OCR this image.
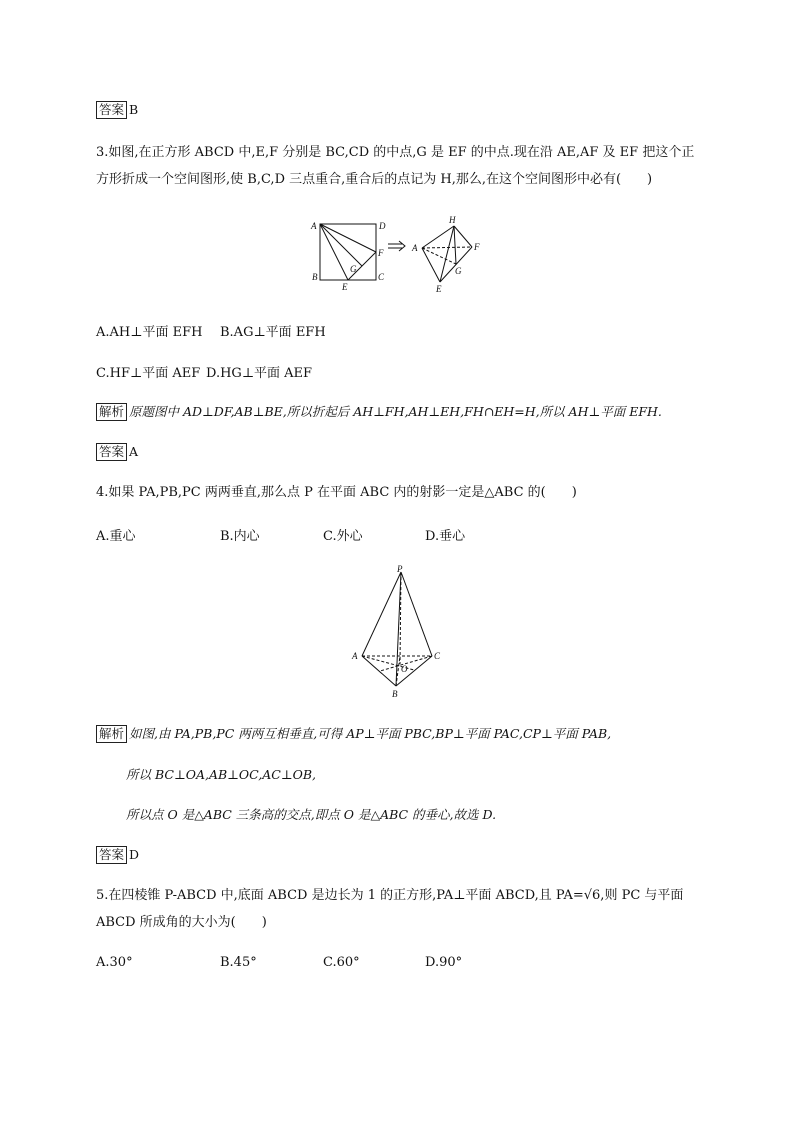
答案 B
3.如图,在正方形 ABCD 中,E,F 分别是 BC,CD 的中点,G 是 EF 的中点.现在沿 AE,AF 及 EF 把这个正
方形折成一个空间图形,使 B,C,D 三点重合,重合后的点记为 H,那么,在这个空间图形中必有(　　)
A	D
B	C
E
F
G
H
A
E
F
G
A.AH⊥平面 EFH B.AG⊥平面 EFH
C.HF⊥平面 AEF D.HG⊥平面 AEF
解析 原题图中 AD⊥DF,AB⊥BE,所以折起后 AH⊥FH,AH⊥EH,FH∩EH=H,所以 AH⊥平面 EFH.
答案 A
4.如果 PA,PB,PC 两两垂直,那么点 P 在平面 ABC 内的射影一定是△ABC 的(　　)
A.重心	B.内心	C.外心	D.垂心
P
A	C
B
O
解析 如图,由 PA,PB,PC 两两互相垂直,可得 AP⊥平面 PBC,BP⊥平面 PAC,CP⊥平面 PAB,
所以 BC⊥OA,AB⊥OC,AC⊥OB,
所以点 O 是△ABC 三条高的交点,即点 O 是△ABC 的垂心,故选 D.
答案 D
5.在四棱锥 P-ABCD 中,底面 ABCD 是边长为 1 的正方形,PA⊥平面 ABCD,且 PA=√6,则 PC 与平面
ABCD 所成角的大小为(　　)
A.30°	B.45°	C.60°	D.90°
